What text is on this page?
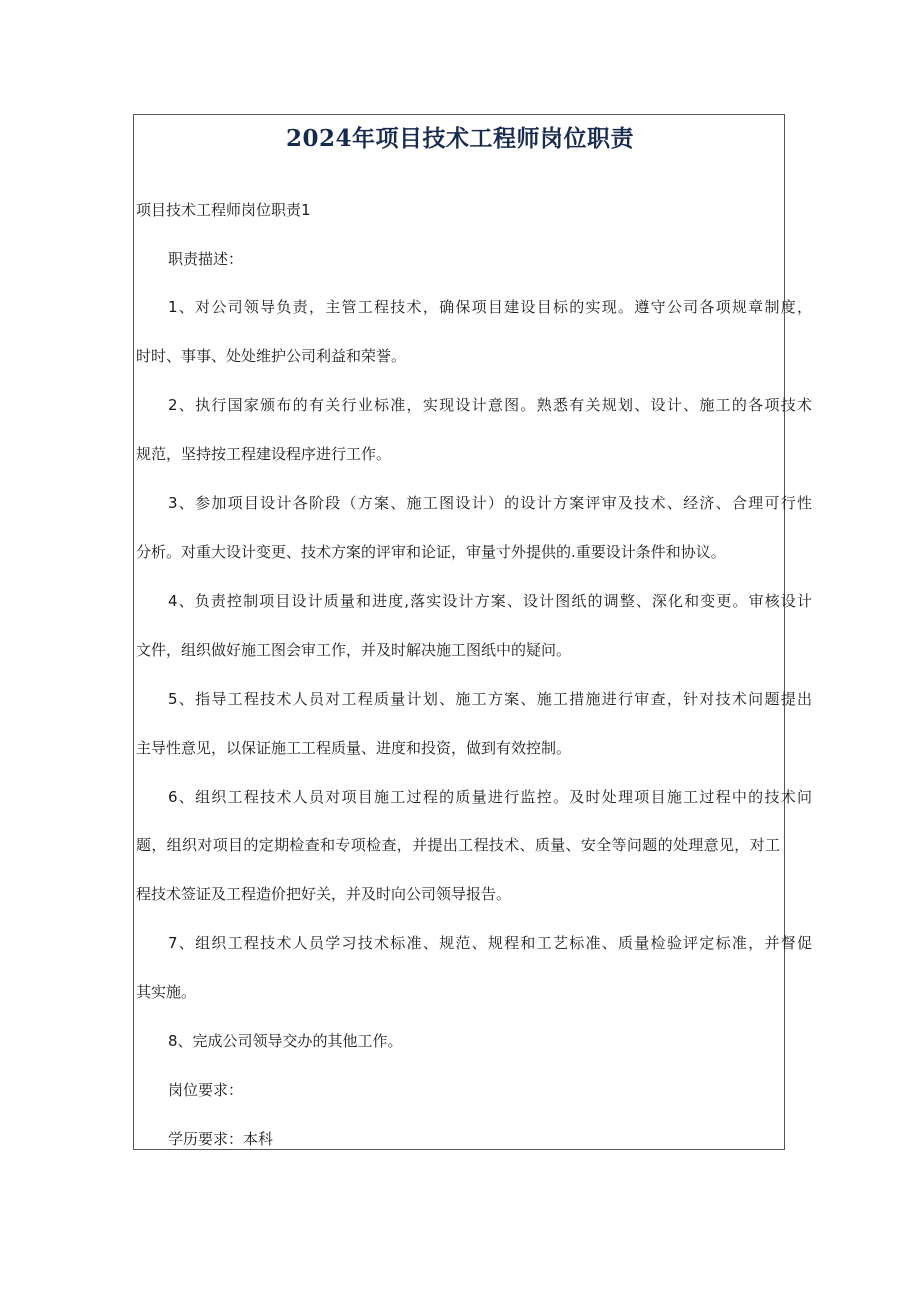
2024年项目技术工程师岗位职责

项目技术工程师岗位职责1

职责描述：

1、对公司领导负责，主管工程技术，确保项目建设目标的实现。遵守公司各项规章制度，

时时、事事、处处维护公司利益和荣誉。

2、执行国家颁布的有关行业标准，实现设计意图。熟悉有关规划、设计、施工的各项技术

规范，坚持按工程建设程序进行工作。

3、参加项目设计各阶段（方案、施工图设计）的设计方案评审及技术、经济、合理可行性

分析。对重大设计变更、技术方案的评审和论证，审量寸外提供的.重要设计条件和协议。

4、负责控制项目设计质量和进度,落实设计方案、设计图纸的调整、深化和变更。审核设计

文件，组织做好施工图会审工作，并及时解决施工图纸中的疑问。

5、指导工程技术人员对工程质量计划、施工方案、施工措施进行审查，针对技术问题提出

主导性意见，以保证施工工程质量、进度和投资，做到有效控制。

6、组织工程技术人员对项目施工过程的质量进行监控。及时处理项目施工过程中的技术问

题，组织对项目的定期检查和专项检查，并提出工程技术、质量、安全等问题的处理意见，对工

程技术签证及工程造价把好关，并及时向公司领导报告。

7、组织工程技术人员学习技术标准、规范、规程和工艺标准、质量检验评定标准，并督促

其实施。

8、完成公司领导交办的其他工作。

岗位要求：

学历要求：本科
